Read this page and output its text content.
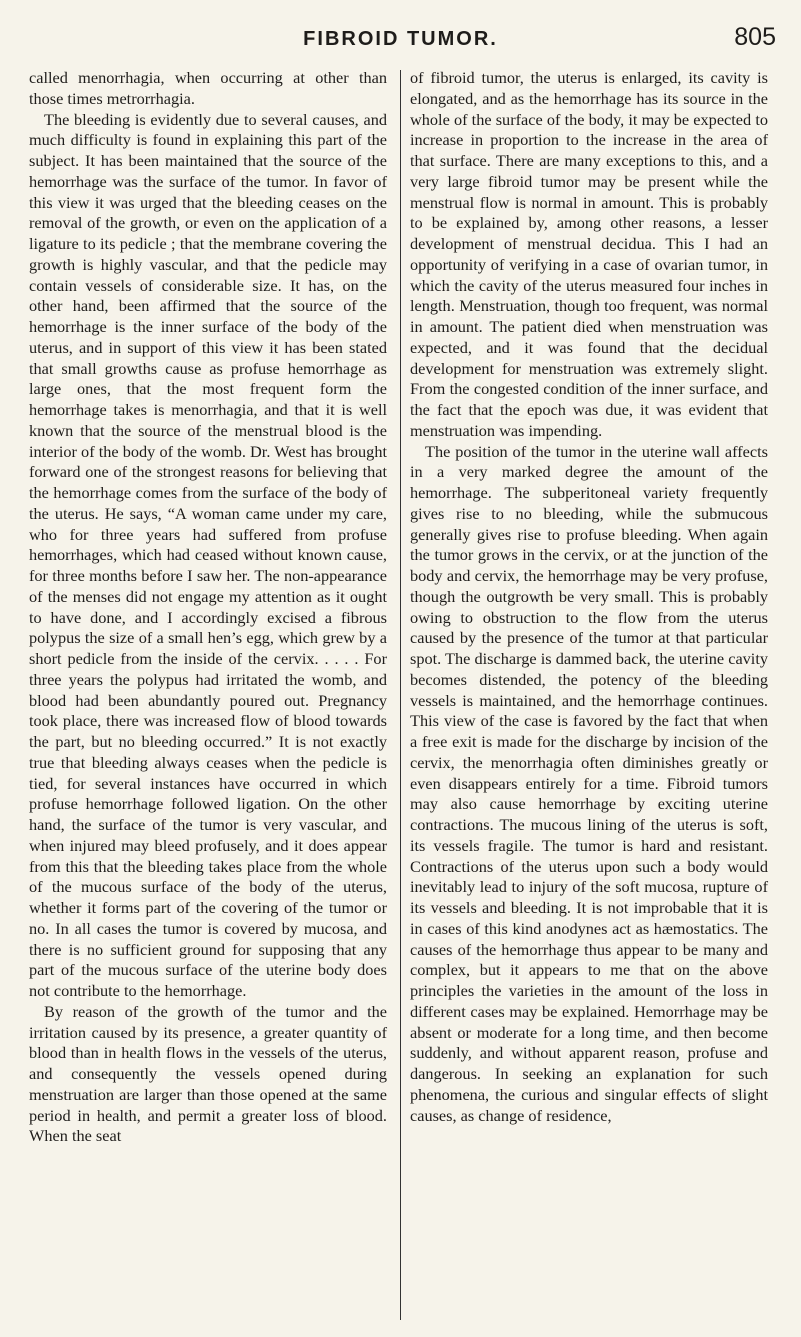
FIBROID TUMOR.	805

called menorrhagia, when occurring at other than those times metrorrhagia.

The bleeding is evidently due to several causes, and much difficulty is found in explaining this part of the subject. It has been maintained that the source of the hemorrhage was the surface of the tumor. In favor of this view it was urged that the bleeding ceases on the removal of the growth, or even on the application of a ligature to its pedicle ; that the membrane covering the growth is highly vascular, and that the pedicle may contain vessels of considerable size. It has, on the other hand, been affirmed that the source of the hemorrhage is the inner surface of the body of the uterus, and in support of this view it has been stated that small growths cause as profuse hemorrhage as large ones, that the most frequent form the hemorrhage takes is menorrhagia, and that it is well known that the source of the menstrual blood is the interior of the body of the womb. Dr. West has brought forward one of the strongest reasons for believing that the hemorrhage comes from the surface of the body of the uterus. He says, “A woman came under my care, who for three years had suffered from profuse hemorrhages, which had ceased without known cause, for three months before I saw her. The non-appearance of the menses did not engage my attention as it ought to have done, and I accordingly excised a fibrous polypus the size of a small hen’s egg, which grew by a short pedicle from the inside of the cervix. . . . . For three years the polypus had irritated the womb, and blood had been abundantly poured out. Pregnancy took place, there was increased flow of blood towards the part, but no bleeding occurred.” It is not exactly true that bleeding always ceases when the pedicle is tied, for several instances have occurred in which profuse hemorrhage followed ligation. On the other hand, the surface of the tumor is very vascular, and when injured may bleed profusely, and it does appear from this that the bleeding takes place from the whole of the mucous surface of the body of the uterus, whether it forms part of the covering of the tumor or no. In all cases the tumor is covered by mucosa, and there is no sufficient ground for supposing that any part of the mucous surface of the uterine body does not contribute to the hemorrhage.

By reason of the growth of the tumor and the irritation caused by its presence, a greater quantity of blood than in health flows in the vessels of the uterus, and consequently the vessels opened during menstruation are larger than those opened at the same period in health, and permit a greater loss of blood. When the seat

of fibroid tumor, the uterus is enlarged, its cavity is elongated, and as the hemorrhage has its source in the whole of the surface of the body, it may be expected to increase in proportion to the increase in the area of that surface. There are many exceptions to this, and a very large fibroid tumor may be present while the menstrual flow is normal in amount. This is probably to be explained by, among other reasons, a lesser development of menstrual decidua. This I had an opportunity of verifying in a case of ovarian tumor, in which the cavity of the uterus measured four inches in length. Menstruation, though too frequent, was normal in amount. The patient died when menstruation was expected, and it was found that the decidual development for menstruation was extremely slight. From the congested condition of the inner surface, and the fact that the epoch was due, it was evident that menstruation was impending.

The position of the tumor in the uterine wall affects in a very marked degree the amount of the hemorrhage. The subperitoneal variety frequently gives rise to no bleeding, while the submucous generally gives rise to profuse bleeding. When again the tumor grows in the cervix, or at the junction of the body and cervix, the hemorrhage may be very profuse, though the outgrowth be very small. This is probably owing to obstruction to the flow from the uterus caused by the presence of the tumor at that particular spot. The discharge is dammed back, the uterine cavity becomes distended, the potency of the bleeding vessels is maintained, and the hemorrhage continues. This view of the case is favored by the fact that when a free exit is made for the discharge by incision of the cervix, the menorrhagia often diminishes greatly or even disappears entirely for a time. Fibroid tumors may also cause hemorrhage by exciting uterine contractions. The mucous lining of the uterus is soft, its vessels fragile. The tumor is hard and resistant. Contractions of the uterus upon such a body would inevitably lead to injury of the soft mucosa, rupture of its vessels and bleeding. It is not improbable that it is in cases of this kind anodynes act as hæmostatics. The causes of the hemorrhage thus appear to be many and complex, but it appears to me that on the above principles the varieties in the amount of the loss in different cases may be explained. Hemorrhage may be absent or moderate for a long time, and then become suddenly, and without apparent reason, profuse and dangerous. In seeking an explanation for such phenomena, the curious and singular effects of slight causes, as change of residence,
